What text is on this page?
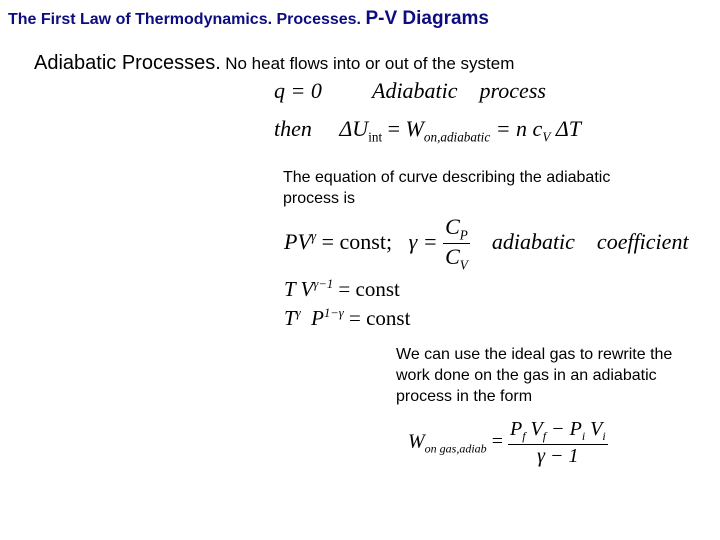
The First Law of Thermodynamics. Processes. P-V Diagrams
Adiabatic Processes. No heat flows into or out of the system
q = 0 Adiabatic    process
then $\Delta U_{int} = W_{on,adiabatic} = n$ $c_V$ ΔT
The equation of curve describing the adiabatic process is
$PV^\gamma$ = const; $\gamma = \frac{C_P}{C_V}$ adiabatic    coefficient
T $V^{\gamma-1}$ = const
$T^\gamma$ $P^{1-\gamma}$ = const
We can use the ideal gas to rewrite the work done on the gas in an adiabatic process in the form
$W_{on gas,adiab} = \frac{P_f V_f - P_i V_i}{\gamma - 1}$
